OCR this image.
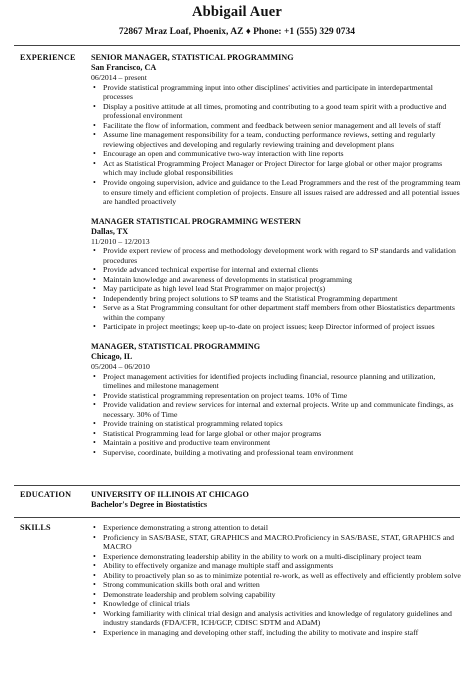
Abbigail Auer
72867 Mraz Loaf, Phoenix, AZ ♦ Phone: +1 (555) 329 0734
EXPERIENCE SENIOR MANAGER, STATISTICAL PROGRAMMING
San Francisco, CA
06/2014 – present
• Provide statistical programming input into other disciplines' activities and participate in interdepartmental processes
• Display a positive attitude at all times, promoting and contributing to a good team spirit with a productive and professional environment
• Facilitate the flow of information, comment and feedback between senior management and all levels of staff
• Assume line management responsibility for a team, conducting performance reviews, setting and regularly reviewing objectives and developing and regularly reviewing training and development plans
• Encourage an open and communicative two-way interaction with line reports
• Act as Statistical Programming Project Manager or Project Director for large global or other major programs which may include global responsibilities
• Provide ongoing supervision, advice and guidance to the Lead Programmers and the rest of the programming team to ensure timely and efficient completion of projects. Ensure all issues raised are addressed and all potential issues are handled proactively
MANAGER STATISTICAL PROGRAMMING WESTERN
Dallas, TX
11/2010 – 12/2013
• Provide expert review of process and methodology development work with regard to SP standards and validation procedures
• Provide advanced technical expertise for internal and external clients
• Maintain knowledge and awareness of developments in statistical programming
• May participate as high level lead Stat Programmer on major project(s)
• Independently bring project solutions to SP teams and the Statistical Programming department
• Serve as a Stat Programming consultant for other department staff members from other Biostatistics departments within the company
• Participate in project meetings; keep up-to-date on project issues; keep Director informed of project issues
MANAGER, STATISTICAL PROGRAMMING
Chicago, IL
05/2004 – 06/2010
• Project management activities for identified projects including financial, resource planning and utilization, timelines and milestone management
• Provide statistical programming representation on project teams. 10% of Time
• Provide validation and review services for internal and external projects. Write up and communicate findings, as necessary. 30% of Time
• Provide training on statistical programming related topics
• Statistical Programming lead for large global or other major programs
• Maintain a positive and productive team environment
• Supervise, coordinate, building a motivating and professional team environment
EDUCATION UNIVERSITY OF ILLINOIS AT CHICAGO
Bachelor's Degree in Biostatistics
SKILLS
•	Experience demonstrating a strong attention to detail
• Proficiency in SAS/BASE, STAT, GRAPHICS and MACRO.Proficiency in SAS/BASE, STAT, GRAPHICS and MACRO
• Experience demonstrating leadership ability in the ability to work on a multi-disciplinary project team
• Ability to effectively organize and manage multiple staff and assignments
• Ability to proactively plan so as to minimize potential re-work, as well as effectively and efficiently problem solve
• Strong communication skills both oral and written
• Demonstrate leadership and problem solving capability
• Knowledge of clinical trials
• Working familiarity with clinical trial design and analysis activities and knowledge of regulatory guidelines and industry standards (FDA/CFR, ICH/GCP, CDISC SDTM and ADaM)
• Experience in managing and developing other staff, including the ability to motivate and inspire staff
